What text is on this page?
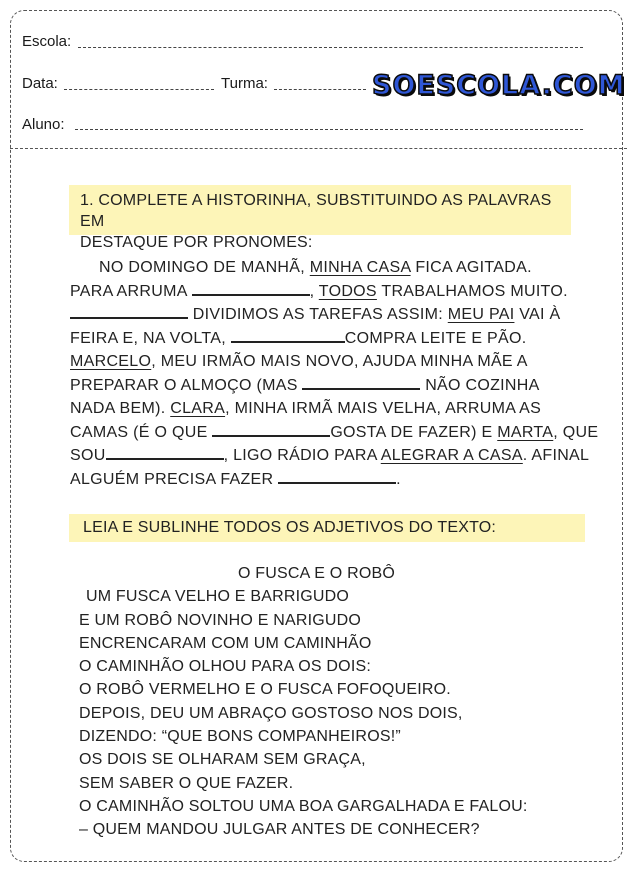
Escola:
Data:	Turma:	SOESCOLA.COM
Aluno:
1. COMPLETE A HISTORINHA, SUBSTITUINDO AS PALAVRAS EM
DESTAQUE POR PRONOMES:
NO DOMINGO DE MANHÃ, MINHA CASA FICA AGITADA.
PARA ARRUMA	, TODOS TRABALHAMOS MUITO.
DIVIDIMOS AS TAREFAS ASSIM: MEU PAI VAI À
FEIRA E, NA VOLTA,	COMPRA LEITE E PÃO.
MARCELO, MEU IRMÃO MAIS NOVO, AJUDA MINHA MÃE A
PREPARAR O ALMOÇO (MAS	NÃO COZINHA
NADA BEM). CLARA, MINHA IRMÃ MAIS VELHA, ARRUMA AS
CAMAS (É O QUE	GOSTA DE FAZER) E MARTA, QUE
SOU	, LIGO RÁDIO PARA ALEGRAR A CASA. AFINAL
ALGUÉM PRECISA FAZER	.
LEIA E SUBLINHE TODOS OS ADJETIVOS DO TEXTO:
O FUSCA E O ROBÔ
UM FUSCA VELHO E BARRIGUDO
E UM ROBÔ NOVINHO E NARIGUDO
ENCRENCARAM COM UM CAMINHÃO
O CAMINHÃO OLHOU PARA OS DOIS:
O ROBÔ VERMELHO E O FUSCA FOFOQUEIRO.
DEPOIS, DEU UM ABRAÇO GOSTOSO NOS DOIS,
DIZENDO: “QUE BONS COMPANHEIROS!”
OS DOIS SE OLHARAM SEM GRAÇA,
SEM SABER O QUE FAZER.
O CAMINHÃO SOLTOU UMA BOA GARGALHADA E FALOU:
– QUEM MANDOU JULGAR ANTES DE CONHECER?
